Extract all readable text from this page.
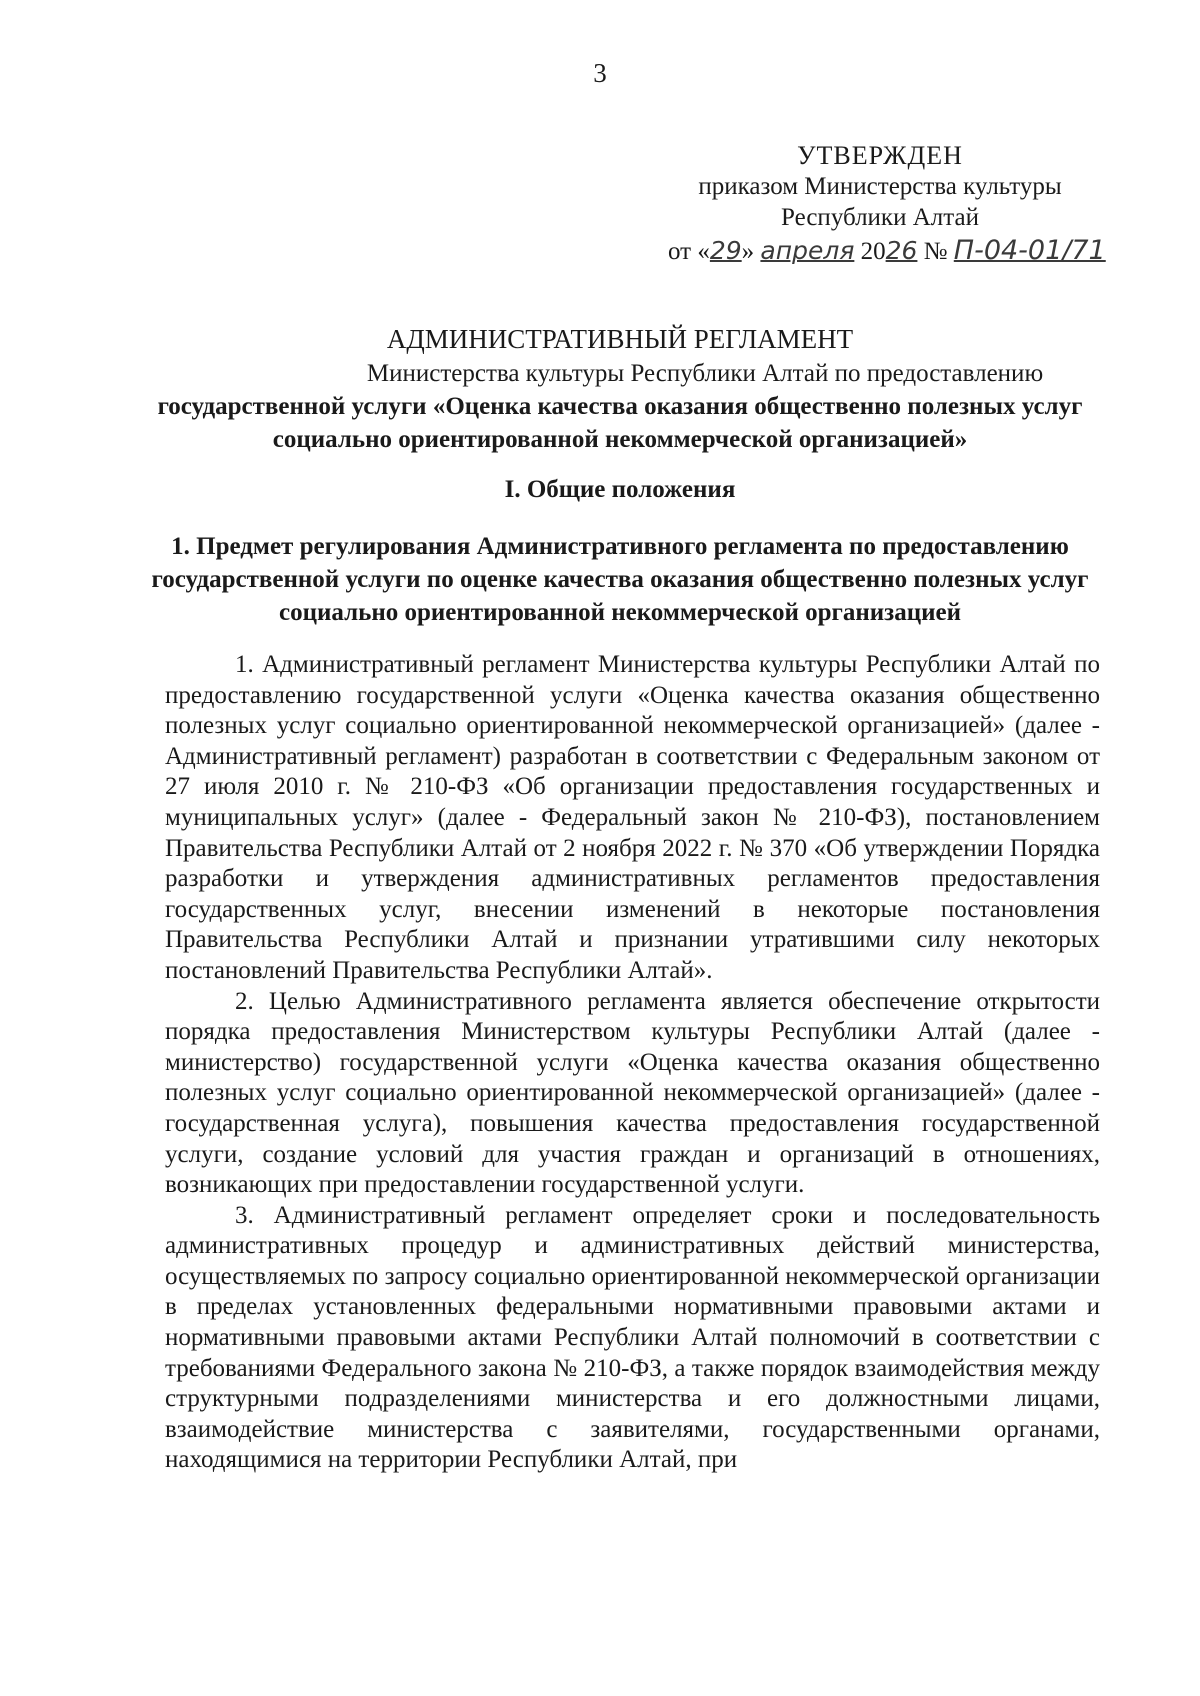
3
УТВЕРЖДЕН
приказом Министерства культуры
Республики Алтай
от «29» апреля 2026 № П-04-01/71
АДМИНИСТРАТИВНЫЙ РЕГЛАМЕНТ
Министерства культуры Республики Алтай по предоставлению
государственной услуги «Оценка качества оказания общественно полезных услуг социально ориентированной некоммерческой организацией»
I. Общие положения
1. Предмет регулирования Административного регламента по предоставлению государственной услуги по оценке качества оказания общественно полезных услуг социально ориентированной некоммерческой организацией

1. Административный регламент Министерства культуры Республики Алтай по предоставлению государственной услуги «Оценка качества оказания общественно полезных услуг социально ориентированной некоммерческой организацией» (далее - Административный регламент) разработан в соответствии с Федеральным законом от 27 июля 2010 г. № 210-ФЗ «Об организации предоставления государственных и муниципальных услуг» (далее - Федеральный закон № 210-ФЗ), постановлением Правительства Республики Алтай от 2 ноября 2022 г. № 370 «Об утверждении Порядка разработки и утверждения административных регламентов предоставления государственных услуг, внесении изменений в некоторые постановления Правительства Республики Алтай и признании утратившими силу некоторых постановлений Правительства Республики Алтай».

2. Целью Административного регламента является обеспечение открытости порядка предоставления Министерством культуры Республики Алтай (далее - министерство) государственной услуги «Оценка качества оказания общественно полезных услуг социально ориентированной некоммерческой организацией» (далее - государственная услуга), повышения качества предоставления государственной услуги, создание условий для участия граждан и организаций в отношениях, возникающих при предоставлении государственной услуги.

3. Административный регламент определяет сроки и последовательность административных процедур и административных действий министерства, осуществляемых по запросу социально ориентированной некоммерческой организации в пределах установленных федеральными нормативными правовыми актами и нормативными правовыми актами Республики Алтай полномочий в соответствии с требованиями Федерального закона № 210-ФЗ, а также порядок взаимодействия между структурными подразделениями министерства и его должностными лицами, взаимодействие министерства с заявителями, государственными органами, находящимися на территории Республики Алтай, при
